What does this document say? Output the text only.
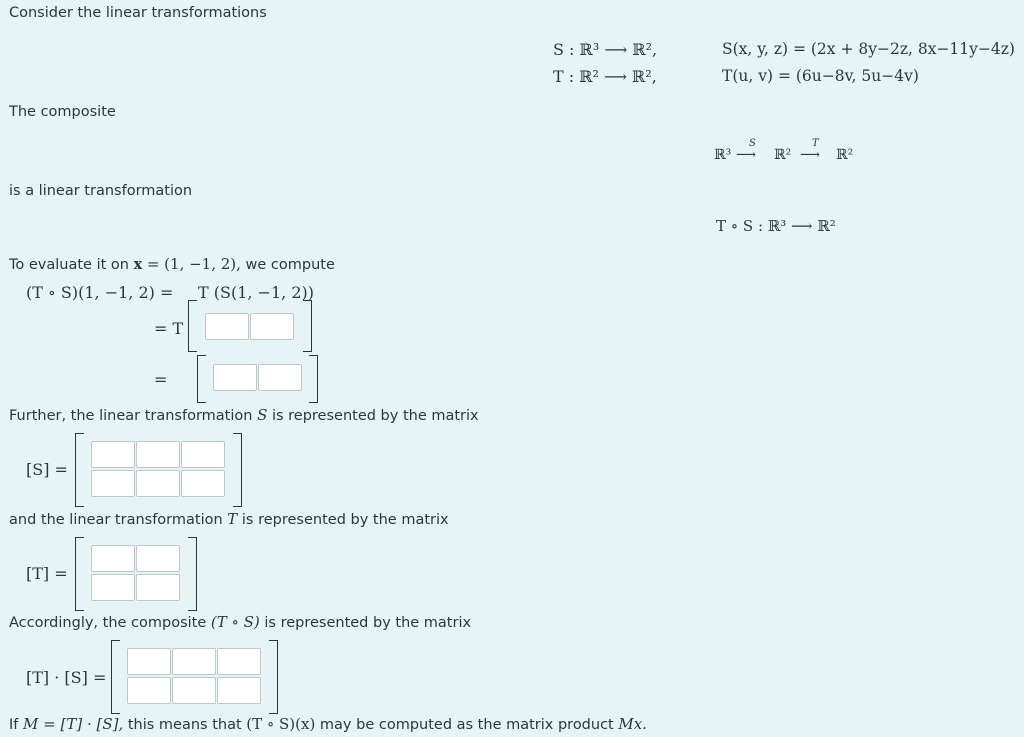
Consider the linear transformations
S : ℝ³ ⟶ ℝ²,
T : ℝ² ⟶ ℝ²,
S(x, y, z) = (2x + 8y−2z, 8x−11y−4z)
T(u, v) = (6u−8v, 5u−4v)
The composite
ℝ³
S
⟶ ℝ²
T
⟶ ℝ²
is a linear transformation
T ∘ S : ℝ³ ⟶ ℝ²
To evaluate it on x = (1, −1, 2), we compute
(T ∘ S)(1, −1, 2) = T (S(1, −1, 2))
= T
=
Further, the linear transformation S is represented by the matrix
[S] =
and the linear transformation T is represented by the matrix
[T] =
Accordingly, the composite (T ∘ S) is represented by the matrix
[T] · [S] =
If M = [T] · [S], this means that (T ∘ S)(x) may be computed as the matrix product Mx.
